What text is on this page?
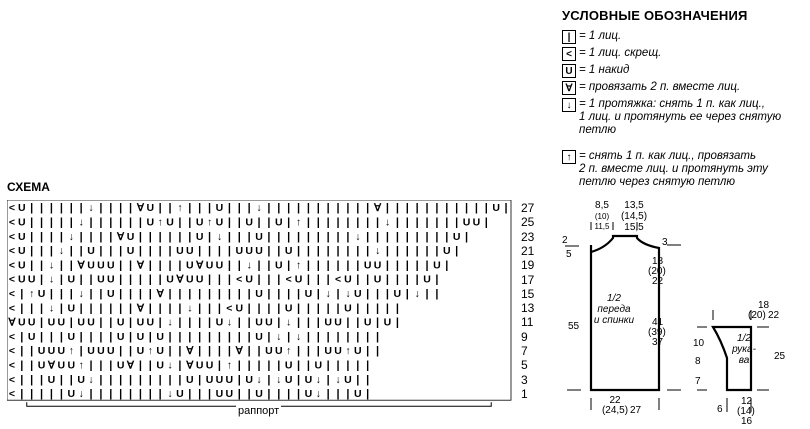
УСЛОВНЫЕ ОБОЗНАЧЕНИЯ
| = 1 лиц.
< = 1 лиц. скрещ.
U = 1 накид
∀ = провязать 2 п. вместе лиц.
↓ = 1 протяжка: снять 1 п. как лиц.,
1 лиц. и протянуть ее через снятую
петлю
↑ = снять 1 п. как лиц., провязать
2 п. вместе лиц. и протянуть эту
петлю через снятую петлю
СХЕМА
< U | | | | | | ↓ | | | | ∀ U | | ↑ | | | U | | | ↓ | | | | | | | | | | | ∀ | | | | | | | | | | | U |
< U | | | | | ↓ | | | | | | U ↑ U | | U ↑ U | | U | | U | ↑ | | | | | | | | ↓ | | | | | | | U U |
< U | | | | ↓ | | | | ∀ U | | | | | | U | ↓ | | | U | | | | | | | | | ↓ | | | | | | | | | U |
< U | | | ↓ | | U | | | U | | | | U U | | | | U U U | | U | | | | | | | | ↓ | | | | | | U |
< U | | ↓ | | ∀ U U U | | ∀ | | | | U ∀ U U | | ↓ | | U | ↑ | | | | | | U U | | | | | U |
< U U | ↓ | U | | U U | | | | | U ∀ U U | | | < U | | | < U | | | < U | | U | | | | U |
< | ↑ U | | | ↓ | | U | | | | ∀ | | | | | | | | | U | | | | U | ↓ | ↓ U | | | U | ↓ | |
< | | | ↓ | U | | | | | | ∀ | | | | ↓ | | | < U | | | | U | | | | | U | | | | |
∀ U U | U U | U U | | U | U U | ↓ | | | | U ↓ | | U U | ↓ | | | U U | | U | U |
< | U | | | U | | | | U | U | U | | | | | | | | | U | ↓ | ↓ | | | | | | | |
< | | U U U ↑ | U U U | | U ↑ U | | ∀ | | | | ∀ | | U U ↑ | | | U U ↑ U | |
< | | U ∀ U U ↑ | | | U ∀ | | U ↓ | ∀ U U | ↑ | | | | | U | | U | | | | |
< | | | U | | U ↓ | | | | | | | | | U | U U U | U ↓ | ↓ U | U ↓ | ↓ U | |
< | | | | | U ↓ | | | | | | | | ↓ U | | | U U | | U | | | | U ↓ | | | U |
27
25
23
21
19
17
15
13
11
9
7
5
3
1
раппорт
1/2
переда
и спинки
8,5
(10)
11,5
13,5
(14,5)
15,5
2
5
3
18
(20)
22
55	41
(39)
37
22
(24,5) 27
1/2
рука-
ва
18
(20) 22
10
8
7
25
6
12
(14)
16
